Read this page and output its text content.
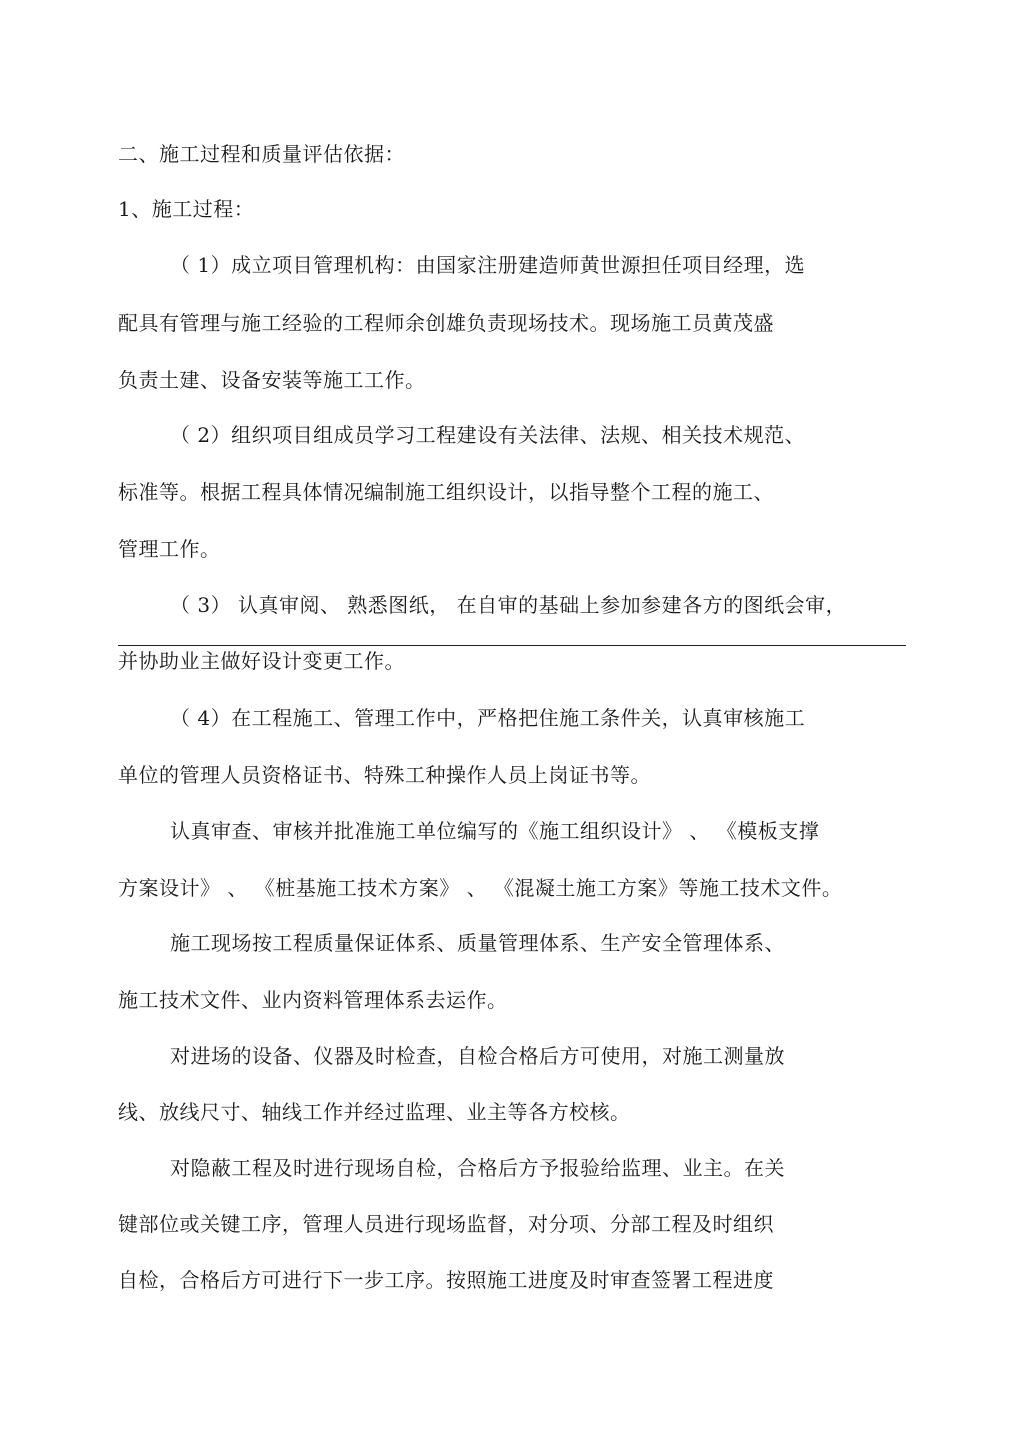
二、施工过程和质量评估依据：
1、施工过程：
（ 1）成立项目管理机构：由国家注册建造师黄世源担任项目经理，选
配具有管理与施工经验的工程师余创雄负责现场技术。现场施工员黄茂盛
负责土建、设备安装等施工工作。
（ 2）组织项目组成员学习工程建设有关法律、法规、相关技术规范、
标准等。根据工程具体情况编制施工组织设计，以指导整个工程的施工、
管理工作。
（ 3） 认真审阅、 熟悉图纸， 在自审的基础上参加参建各方的图纸会审，
并协助业主做好设计变更工作。
（ 4）在工程施工、管理工作中，严格把住施工条件关，认真审核施工
单位的管理人员资格证书、特殊工种操作人员上岗证书等。
认真审查、审核并批准施工单位编写的《施工组织设计》 、 《模板支撑
方案设计》 、 《桩基施工技术方案》 、 《混凝土施工方案》等施工技术文件。
施工现场按工程质量保证体系、质量管理体系、生产安全管理体系、
施工技术文件、业内资料管理体系去运作。
对进场的设备、仪器及时检查，自检合格后方可使用，对施工测量放
线、放线尺寸、轴线工作并经过监理、业主等各方校核。
对隐蔽工程及时进行现场自检，合格后方予报验给监理、业主。在关
键部位或关键工序，管理人员进行现场监督，对分项、分部工程及时组织
自检，合格后方可进行下一步工序。按照施工进度及时审查签署工程进度
